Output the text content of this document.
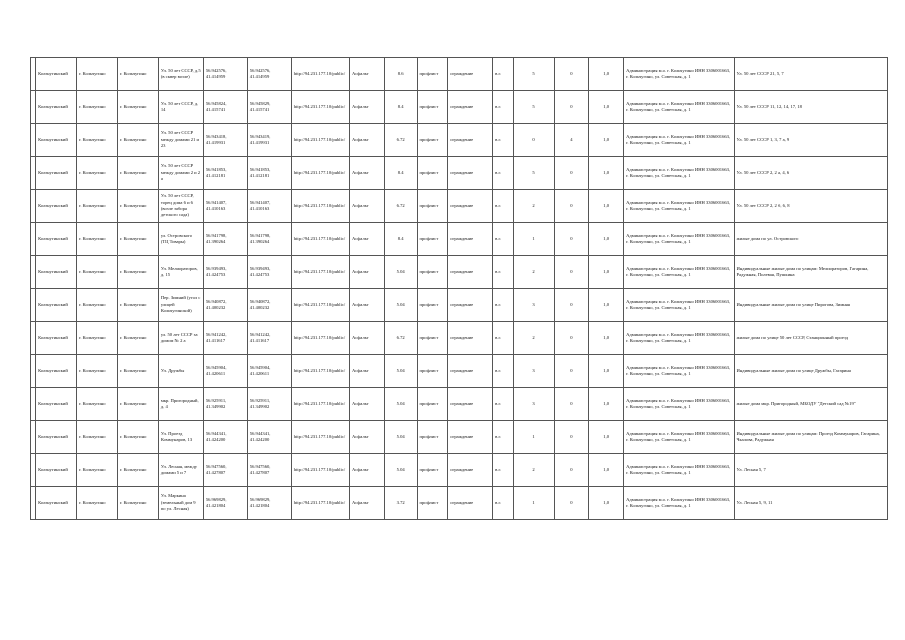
	Кольчугинский	г. Кольчугино	г. Кольчугино	Ул. 50 лет СССР, д.5 (в сквер возле)	56.942576, 41.414959	56.942576, 41.414959	http://94.231.177.10/public/	Асфальт	8.6	профлист	ограждение	в.г.	5	0	1,0	Администрация м.о. г. Кольчугино ИНН 3306001663, г. Кольчугино, ул. Советская, д. 1	Ул. 50 лет СССР 21, 5, 7
	Кольчугинский	г. Кольчугино	г. Кольчугино	Ул. 50 лет СССР, д. 14	56.945824, 41.415741	56.945829, 41.415741	http://94.231.177.10/public/	Асфальт	8.4	профлист	ограждение	в.г.	5	0	1,0	Администрация м.о. г. Кольчугино ИНН 3306001663, г. Кольчугино, ул. Советская, д. 1	Ул. 50 лет СССР 11, 12, 14, 17, 18
	Кольчугинский	г. Кольчугино	г. Кольчугино	Ул. 50 лет СССР между домами 21 и 23	56.943418, 41.419931	56.943419, 41.419931	http://94.231.177.10/public/	Асфальт	6.72	профлист	ограждение	в.г.	0	4	1,0	Администрация м.о. г. Кольчугино ИНН 3306001663, г. Кольчугино, ул. Советская, д. 1	Ул. 50 лет СССР 1, 3, 7 а, 9
	Кольчугинский	г. Кольчугино	г. Кольчугино	Ул. 50 лет СССР между домами 2 и 2 а	56.941853, 41.412181	56.941853, 41.412181	http://94.231.177.10/public/	Асфальт	8.4	профлист	ограждение	в.г.	5	0	1,0	Администрация м.о. г. Кольчугино ИНН 3306001663, г. Кольчугино, ул. Советская, д. 1	Ул. 50 лет СССР 2, 2 а, 4, 6
	Кольчугинский	г. Кольчугино	г. Кольчугино	Ул. 50 лет СССР, торец дома 6 и 6 (возле забора детского сада)	56.941407, 41.410163	56.941407, 41.410163	http://94.231.177.10/public/	Асфальт	6.72	профлист	ограждение	в.г.	2	0	1,0	Администрация м.о. г. Кольчугино ИНН 3306001663, г. Кольчугино, ул. Советская, д. 1	Ул. 50 лет СССР 2, 2 б, 6, 8
	Кольчугинский	г. Кольчугино	г. Кольчугино	ул. Островского (ТЦ Товары)	56.941798, 41.390264	56.941798, 41.390264	http://94.231.177.10/public/	Асфальт	8.4	профлист	ограждение	в.г.	1	0	1,0	Администрация м.о. г. Кольчугино ИНН 3306001663, г. Кольчугино, ул. Советская, д. 1	жилые дома по ул. Островского
	Кольчугинский	г. Кольчугино	г. Кольчугино	Ул. Мелиораторов, д. 15	56.939493, 41.424753	56.939493, 41.424753	http://94.231.177.10/public/	Асфальт	5.04	профлист	ограждение	в.г.	2	0	1,0	Администрация м.о. г. Кольчугино ИНН 3306001663, г. Кольчугино, ул. Советская, д. 1	Индивидуальные жилые дома по улицам: Мелиораторов, Гагарина, Радужная, Полевая, Пушкина
	Кольчугинский	г. Кольчугино	г. Кольчугино	Пер. Зимний (угол с улицей Кольчугинской)	56.940872, 41.400232	56.940872, 41.400232	http://94.231.177.10/public/	Асфальт	5.04	профлист	ограждение	в.г.	3	0	1,0	Администрация м.о. г. Кольчугино ИНН 3306001663, г. Кольчугино, ул. Советская, д. 1	Индивидуальные жилые дома по улице Пирогова, Зимняя
	Кольчугинский	г. Кольчугино	г. Кольчугино	ул. 50 лет СССР за домом № 2 а	56.941242, 41.411617	56.941242, 41.411617	http://94.231.177.10/public/	Асфальт	6.72	профлист	ограждение	в.г.	2	0	1,0	Администрация м.о. г. Кольчугино ИНН 3306001663, г. Кольчугино, ул. Советская, д. 1	жилые дома по улице 50 лет СССР, Станционный проезд
	Кольчугинский	г. Кольчугино	г. Кольчугино	Ул. Дружбы	56.945904, 41.420611	56.945904, 41.420611	http://94.231.177.10/public/	Асфальт	5.04	профлист	ограждение	в.г.	3	0	1,0	Администрация м.о. г. Кольчугино ИНН 3306001663, г. Кольчугино, ул. Советская, д. 1	Индивидуальные жилые дома по улице Дружбы, Гагарина
	Кольчугинский	г. Кольчугино	г. Кольчугино	мкр. Пригородный, д. 4	56.925911, 41.349902	56.925911, 41.349902	http://94.231.177.10/public/	Асфальт	5.04	профлист	ограждение	в.г.	3	0	1,0	Администрация м.о. г. Кольчугино ИНН 3306001663, г. Кольчугино, ул. Советская, д. 1	жилые дома мкр. Пригородный, МБОДУ "Детский сад №19"
	Кольчугинский	г. Кольчугино	г. Кольчугино	Ул. Проезд Коммунаров, 13	56.944341, 41.424200	56.944341, 41.424200	http://94.231.177.10/public/	Асфальт	5.04	профлист	ограждение	в.г.	1	0	1,0	Администрация м.о. г. Кольчугино ИНН 3306001663, г. Кольчугино, ул. Советская, д. 1	Индивидуальные жилые дома по улицам: Проезд Коммунаров, Гагарина, Чкалова, Радужная
	Кольчугинский	г. Кольчугино	г. Кольчугино	Ул. Лесная, между домами 5 и 7	56.947560, 41.427807	56.947560, 41.427807	http://94.231.177.10/public/	Асфальт	5.04	профлист	ограждение	в.г.	2	0	1,0	Администрация м.о. г. Кольчугино ИНН 3306001663, г. Кольчугино, ул. Советская, д. 1	Ул. Лесная 5, 7
	Кольчугинский	г. Кольчугино	г. Кольчугино	Ул. Маркина (земельный дом 9 по ул. Лесная)	56.969829, 41.421804	56.969829, 41.421804	http://94.231.177.10/public/	Асфальт	3.72	профлист	ограждение	в.г.	1	0	1,0	Администрация м.о. г. Кольчугино ИНН 3306001663, г. Кольчугино, ул. Советская, д. 1	Ул. Лесная 5, 9, 11
